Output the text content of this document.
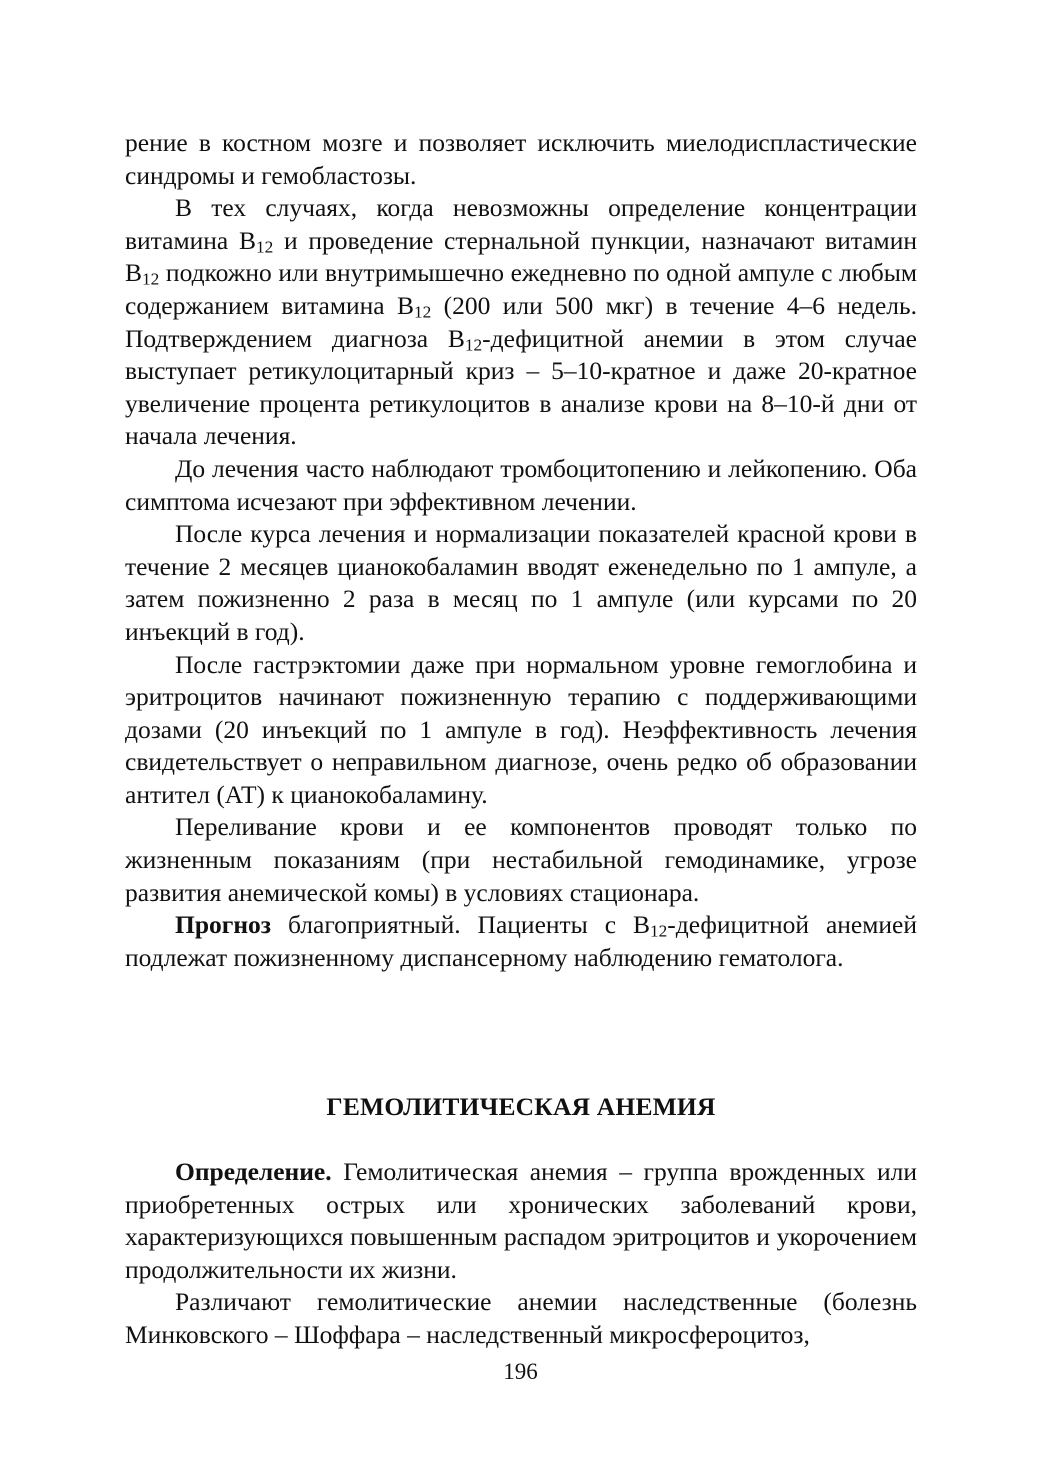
рение в костном мозге и позволяет исключить миелодиспластические синдромы и гемобластозы.

В тех случаях, когда невозможны определение концентрации витамина $В_{12}$ и проведение стернальной пункции, назначают витамин $В_{12}$ подкожно или внутримышечно ежедневно по одной ампуле с любым содержанием витамина $В_{12}$ (200 или 500 мкг) в течение 4–6 недель. Подтверждением диагноза $В_{12}$-дефицитной анемии в этом случае выступает ретикулоцитарный криз – 5–10-кратное и даже 20-кратное увеличение процента ретикулоцитов в анализе крови на 8–10-й дни от начала лечения.

До лечения часто наблюдают тромбоцитопению и лейкопению. Оба симптома исчезают при эффективном лечении.

После курса лечения и нормализации показателей красной крови в течение 2 месяцев цианокобаламин вводят еженедельно по 1 ампуле, а затем пожизненно 2 раза в месяц по 1 ампуле (или курсами по 20 инъекций в год).

После гастрэктомии даже при нормальном уровне гемоглобина и эритроцитов начинают пожизненную терапию с поддерживающими дозами (20 инъекций по 1 ампуле в год). Неэффективность лечения свидетельствует о неправильном диагнозе, очень редко об образовании антител (АТ) к цианокобаламину.

Переливание крови и ее компонентов проводят только по жизненным показаниям (при нестабильной гемодинамике, угрозе развития анемической комы) в условиях стационара.

Прогноз благоприятный. Пациенты с $В_{12}$-дефицитной анемией подлежат пожизненному диспансерному наблюдению гематолога.

ГЕМОЛИТИЧЕСКАЯ АНЕМИЯ

Определение. Гемолитическая анемия – группа врожденных или приобретенных острых или хронических заболеваний крови, характеризующихся повышенным распадом эритроцитов и укорочением продолжительности их жизни.

Различают гемолитические анемии наследственные (болезнь Минковского – Шоффара – наследственный микросфероцитоз,

196
